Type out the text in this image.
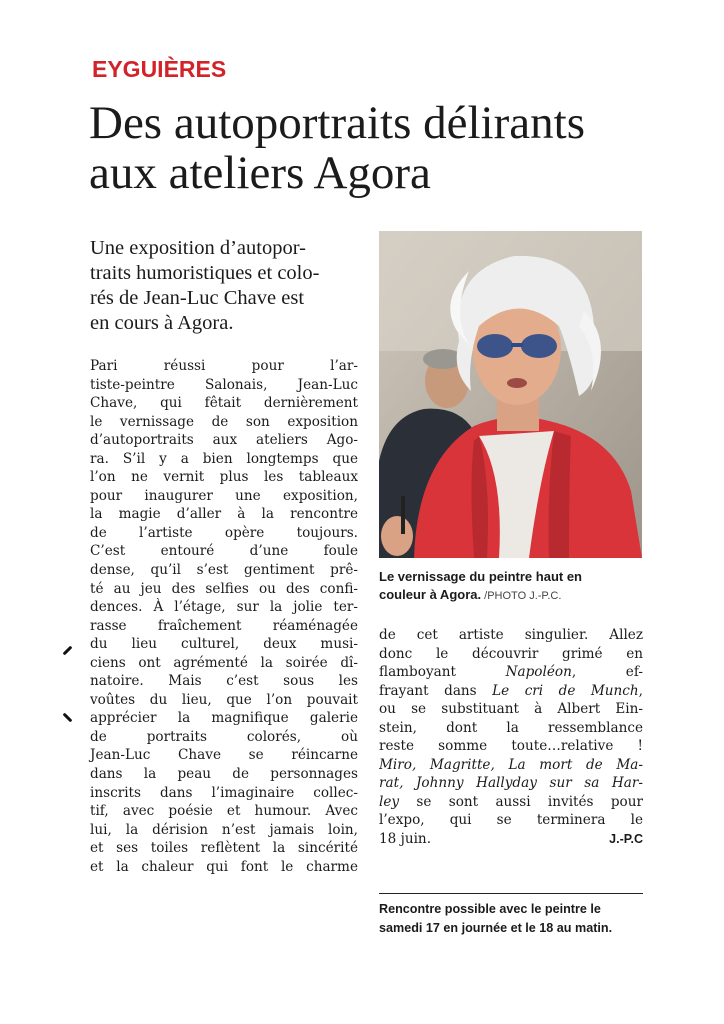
EYGUIÈRES
Des autoportraits délirants
aux ateliers Agora
Une exposition d’autopor-
traits humoristiques et colo-
rés de Jean-Luc Chave est
en cours à Agora.
Pari réussi pour l’ar-
tiste-peintre Salonais, Jean-Luc
Chave, qui fêtait dernièrement
le vernissage de son exposition
d’autoportraits aux ateliers Ago-
ra. S’il y a bien longtemps que
l’on ne vernit plus les tableaux
pour inaugurer une exposition,
la magie d’aller à la rencontre
de l’artiste opère toujours.
C’est entouré d’une foule
dense, qu’il s’est gentiment prê-
té au jeu des selfies ou des confi-
dences. À l’étage, sur la jolie ter-
rasse fraîchement réaménagée
du lieu culturel, deux musi-
ciens ont agrémenté la soirée dî-
natoire. Mais c’est sous les
voûtes du lieu, que l’on pouvait
apprécier la magnifique galerie
de portraits colorés, où
Jean-Luc Chave se réincarne
dans la peau de personnages
inscrits dans l’imaginaire collec-
tif, avec poésie et humour. Avec
lui, la dérision n’est jamais loin,
et ses toiles reflètent la sincérité
et la chaleur qui font le charme
Le vernissage du peintre haut en
couleur à Agora. /PHOTO J.-P.C.
de cet artiste singulier. Allez
donc le découvrir grimé en
flamboyant Napoléon, ef-
frayant dans Le cri de Munch,
ou se substituant à Albert Ein-
stein, dont la ressemblance
reste somme toute…relative !
Miro, Magritte, La mort de Ma-
rat, Johnny Hallyday sur sa Har-
ley se sont aussi invités pour
l’expo, qui se terminera le
18 juin.	J.-P.C
Rencontre possible avec le peintre le
samedi 17 en journée et le 18 au matin.
